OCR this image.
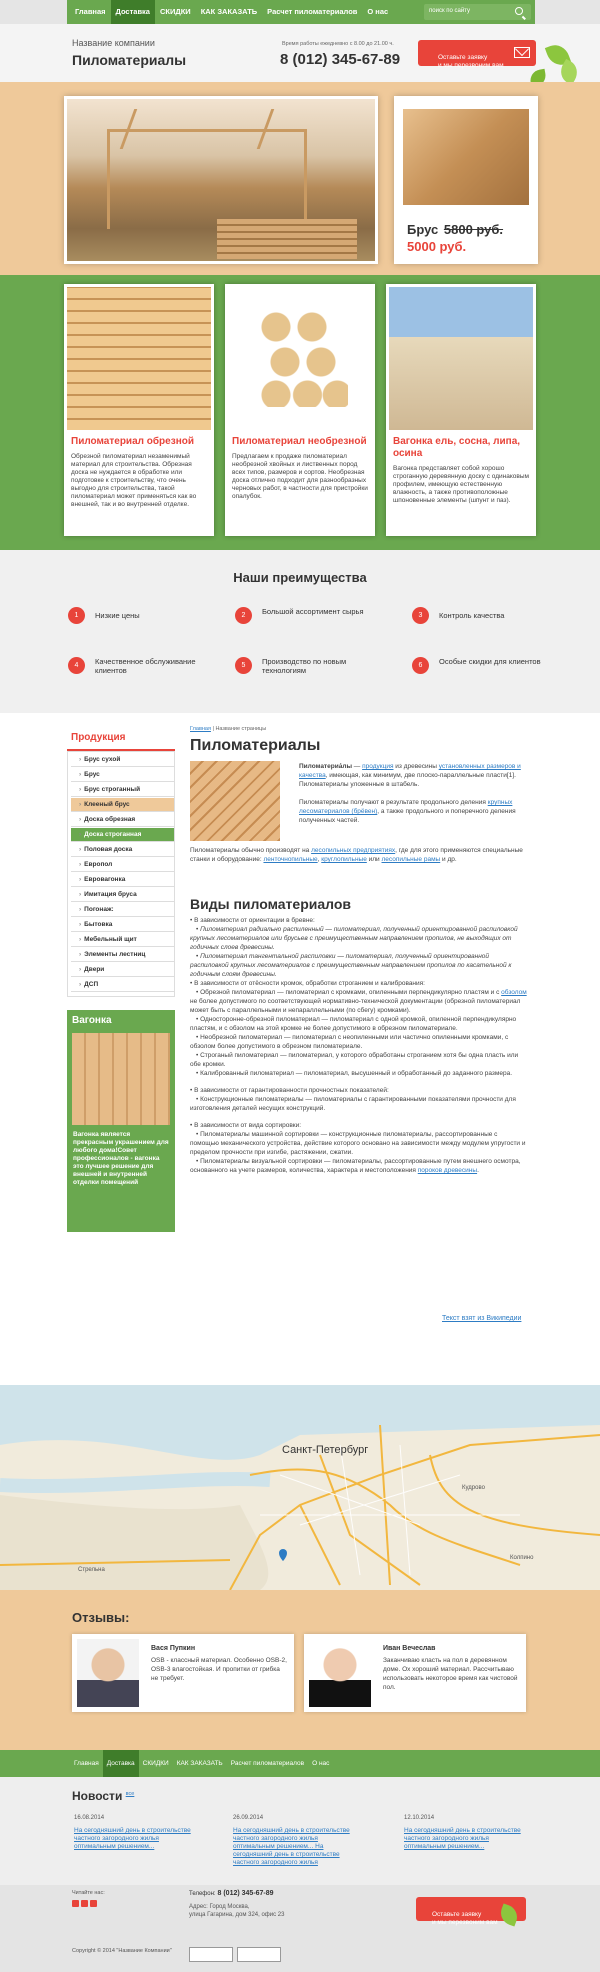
Главная	Доставка	СКИДКИ	КАК ЗАКАЗАТЬ	Расчет пиломатериалов	О нас	поиск по сайту
Название компании
Пиломатериалы
Время работы ежедневно с 8.00 до 21.00 ч.
8 (012) 345-67-89	Оставьте заявку
и мы перезвоним вам

Брус 5800 руб.
5000 руб.
Пиломатериал обрезной
Обрезной пиломатериал незаменимый материал для строительства. Обрезная доска не нуждается в обработке или подготовке к строительству, что очень выгодно для строительства, такой пиломатериал может применяться как во внешней, так и во внутренней отделке.
Пиломатериал необрезной
Предлагаем к продаже пиломатериал необрезной хвойных и лиственных пород всех типов, размеров и сортов. Необрезная доска отлично подходит для разнообразных черновых работ, в частности для пристройки опалубок.
Вагонка ель, сосна, липа, осина
Вагонка представляет собой хорошо строганную деревянную доску с одинаковым профилем, имеющую естественную влажность, а также противоположные шпоновенные элементы (шпунт и паз).
Наши преимущества
1	Низкие цены	2	Большой ассортимент сырья	3	Контроль качества
4	Качественное обслуживание клиентов
5	Производство по новым технологиям
6	Особые скидки для клиентов
Продукция
› Брус сухой
› Брус
› Брус строганный
› Клееный брус
› Доска обрезная
› Доска строганная
› Половая доска
› Европол
› Евровагонка
› Имитация бруса
› Погонаж:
› Бытовка
› Мебельный щит
› Элементы лестниц
› Двери
› ДСП
Вагонка
Вагонка является прекрасным украшением для любого дома!Совет профессионалов - вагонка это лучшее решение для внешней и внутренней отделки помещений
Главная | Название страницы
Пиломатериалы

Пиломатериа́лы — продукция из древесины установленных размеров и качества, имеющая, как минимум, две плоско-параллельные пласти[1].

Пиломатериалы уложенные в штабель.

Пиломатериалы получают в результате продольного деления крупных лесоматериалов (брёвен), а также продольного и поперечного деления полученных частей.

Пиломатериалы обычно производят на лесопильных предприятиях, где для этого применяются специальные станки и оборудование: ленточнопильные, круглопильные или лесопильные рамы и др.

Виды пиломатериалов

• В зависимости от ориентации в бревне:

• Пиломатериал радиально распиленный — пиломатериал, полученный ориентированной распиловкой крупных лесоматериалов или брусьев с преимущественным направлением пропилов, не выходящих от годичных слоев древесины.

• Пиломатериал тангентальной распиловки — пиломатериал, полученный ориентированной распиловкой крупных лесоматериалов с преимущественным направлением пропилов по касательной к годичным слоям древесины.

• В зависимости от отёсности кромок, обработки строганием и калибрования:

• Обрезной пиломатериал — пиломатериал с кромками, опиленными перпендикулярно пластям и с обзолом не более допустимого по соответствующей нормативно-технической документации (обрезной пиломатериал может быть с параллельными и непараллельными (по сбегу) кромками).

• Односторонне-обрезной пиломатериал — пиломатериал с одной кромкой, опиленной перпендикулярно пластям, и с обзолом на этой кромке не более допустимого в обрезном пиломатериале.

• Необрезной пиломатериал — пиломатериал с неопиленными или частично опиленными кромками, с обзолом более допустимого в обрезном пиломатериале.

• Строганый пиломатериал — пиломатериал, у которого обработаны строганием хотя бы одна пласть или обе кромки.

• Калиброванный пиломатериал — пиломатериал, высушенный и обработанный до заданного размера.

• В зависимости от гарантированности прочностных показателей:

• Конструкционные пиломатериалы — пиломатериалы с гарантированными показателями прочности для изготовления деталей несущих конструкций.

• В зависимости от вида сортировки:

• Пиломатериалы машинной сортировки — конструкционные пиломатериалы, рассортированные с помощью механического устройства, действие которого основано на зависимости между модулем упругости и пределом прочности при изгибе, растяжении, сжатии.

• Пиломатериалы визуальной сортировки — пиломатериалы, рассортированные путем внешнего осмотра, основанного на учете размеров, количества, характера и местоположения пороков древесины.

Текст взят из Википедии
Санкт-Петербург
Кудрово
Стрельна
Колпино
Отзывы:
Вася Пупкин
OSB - классный материал. Особенно OSB-2, OSB-3 влагостойкая. И пропитки от грибка не требует.
Иван Вечеслав
Заканчиваю класть на пол в деревянном доме. Ох хороший материал. Рассчитываю использовать некоторое время как чистовой пол.
Главная	Доставка	СКИДКИ	КАК ЗАКАЗАТЬ	Расчет пиломатериалов	О нас
Новости $^{все}$
16.08.2014
На сегодняшний день в строительстве частного загородного жилья оптимальным решением...
26.09.2014
На сегодняшний день в строительстве частного загородного жилья оптимальным решением... На сегодняшний день в строительстве частного загородного жилья
12.10.2014
На сегодняшний день в строительстве частного загородного жилья оптимальным решением...
Читайте нас:	Телефон: 8 (012) 345-67-89
Адрес: Город Москва,
улица Гагарина, дом 324, офис 23
Copyright © 2014 "Название Компании"

Оставьте заявку
и мы перезвоним вам
